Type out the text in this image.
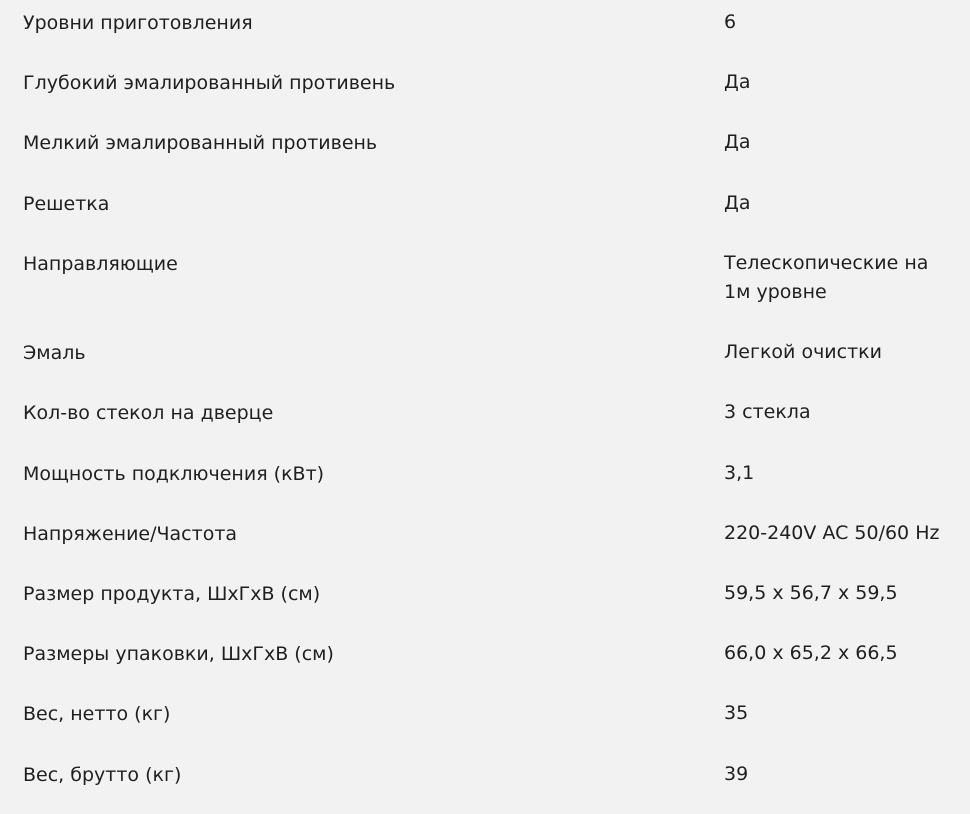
Уровни приготовления	6
Глубокий эмалированный противень	Да
Мелкий эмалированный противень	Да
Решетка	Да
Направляющие	Телескопические на 1м уровне
Эмаль	Легкой очистки
Кол-во стекол на дверце	3 стекла
Мощность подключения (кВт)	3,1
Напряжение/Частота	220-240V AC 50/60 Hz
Размер продукта, ШхГхВ (см)	59,5 x 56,7 x 59,5
Размеры упаковки, ШхГхВ (см)	66,0 x 65,2 x 66,5
Вес, нетто (кг)	35
Вес, брутто (кг)	39
